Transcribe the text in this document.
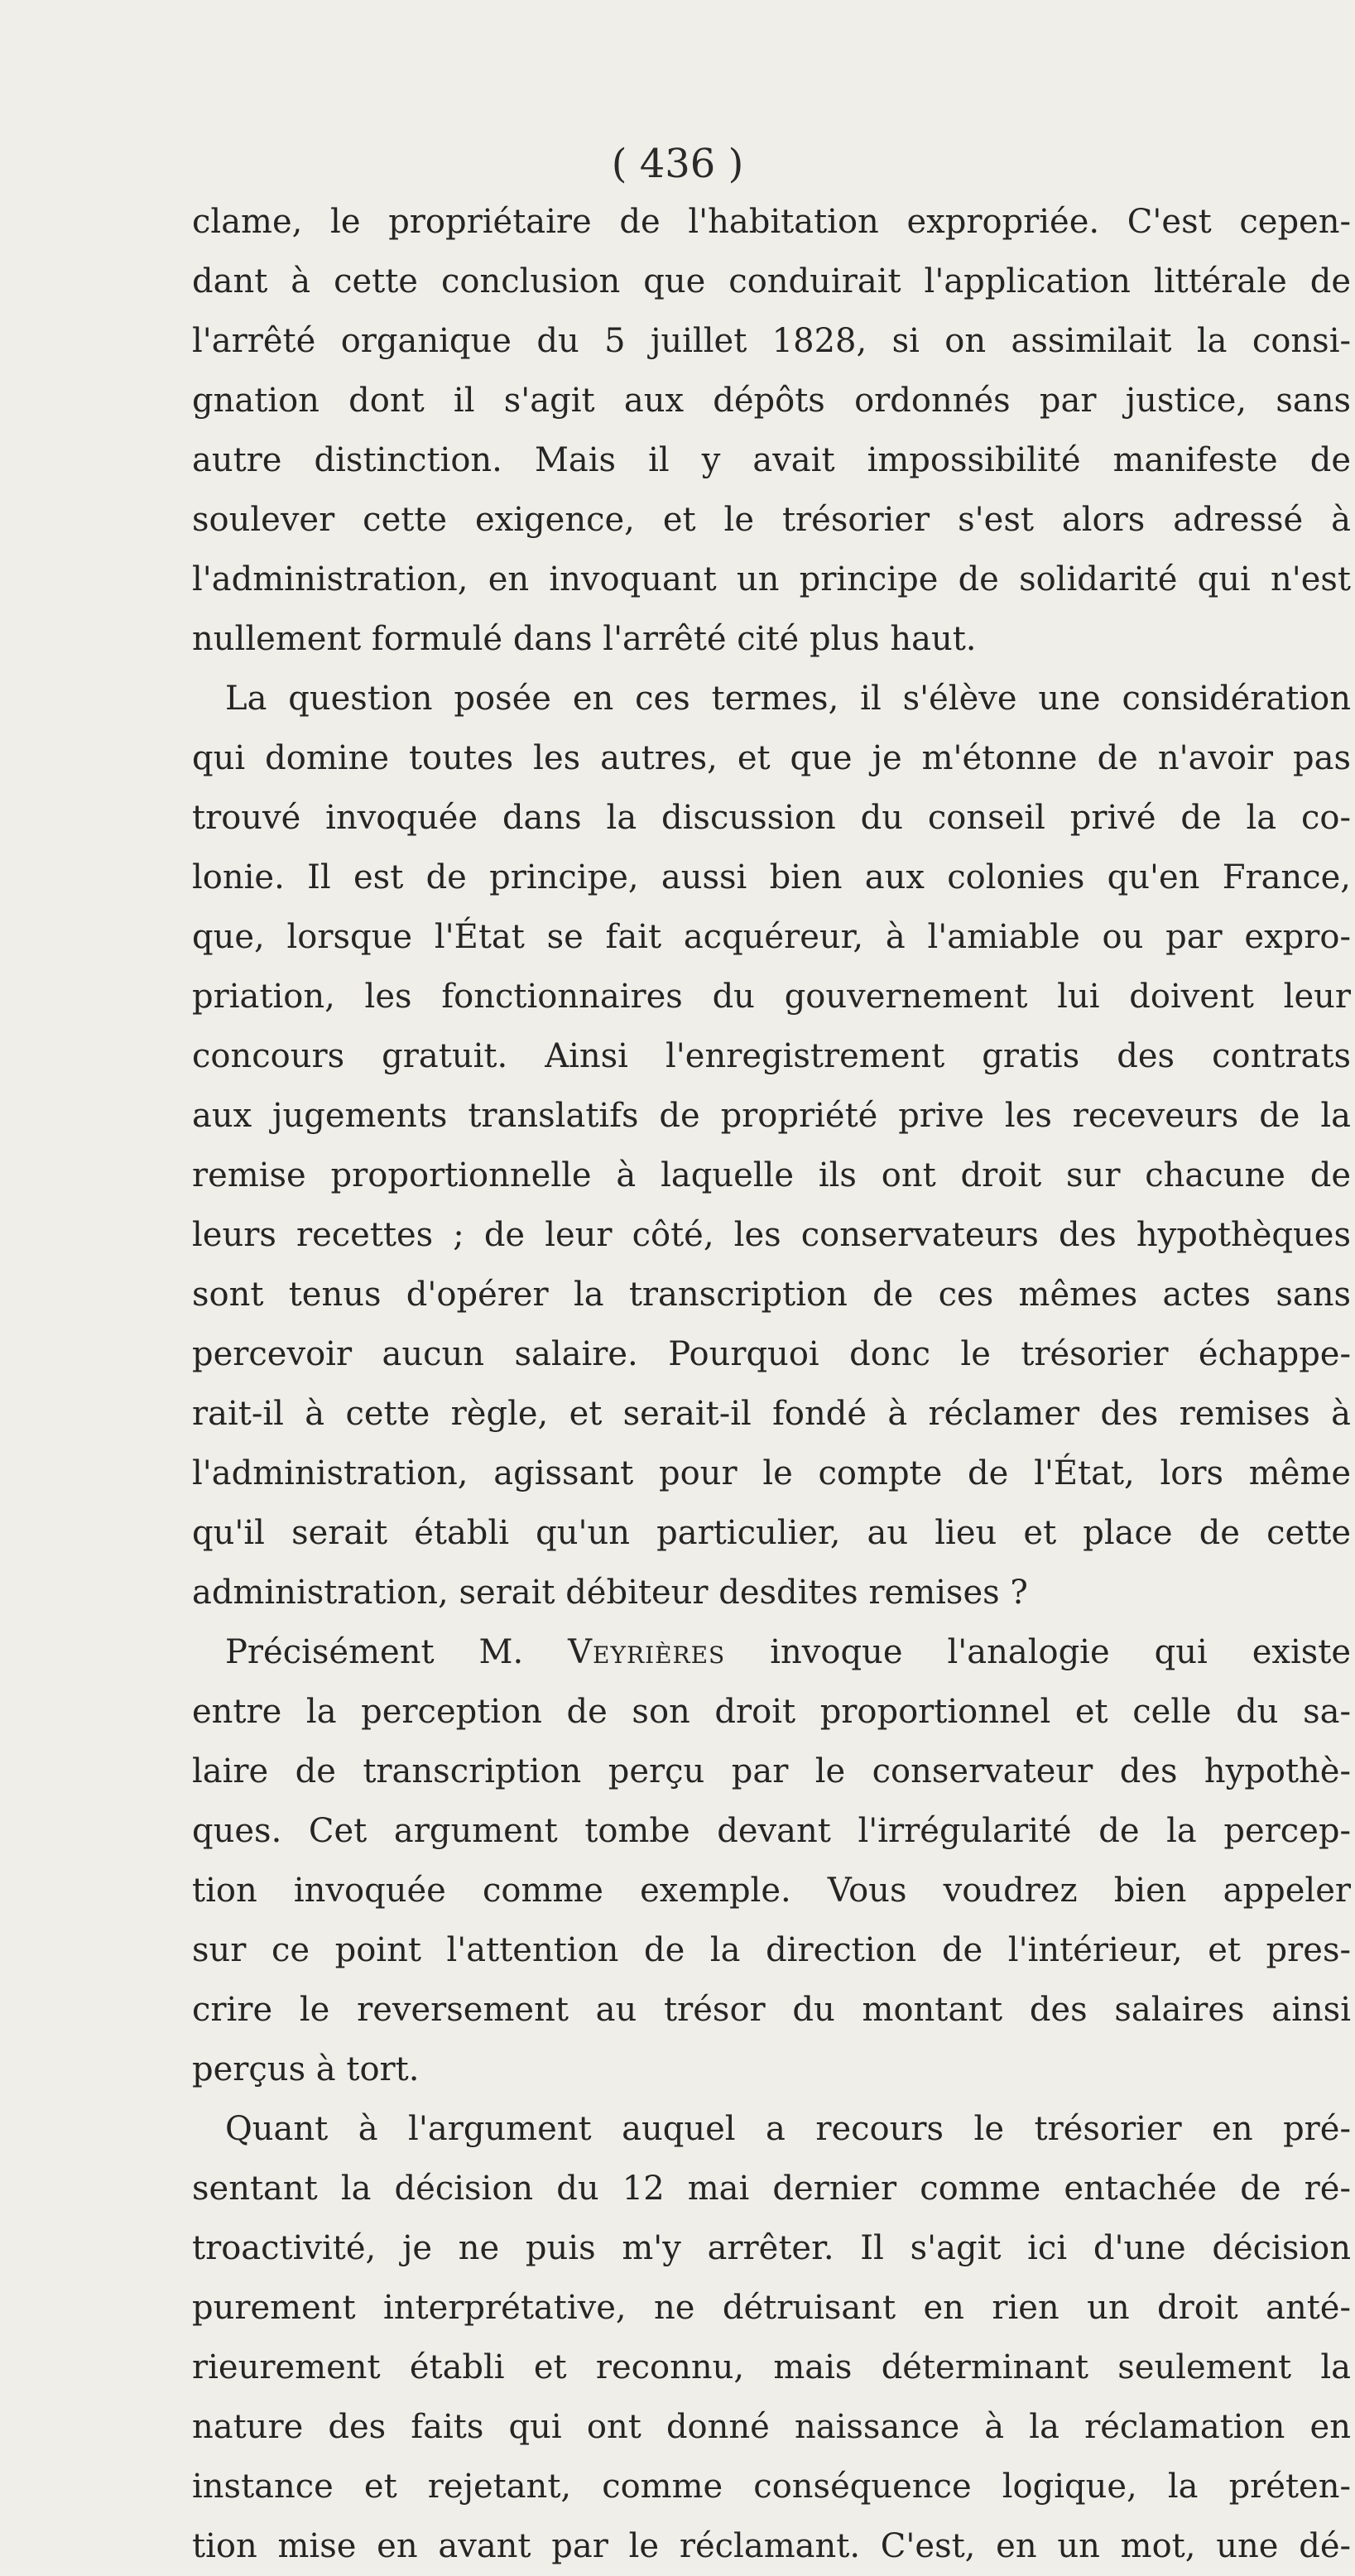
( 436 )
clame, le propriétaire de l'habitation expropriée. C'est cepen-
dant à cette conclusion que conduirait l'application littérale de
l'arrêté organique du 5 juillet 1828, si on assimilait la consi-
gnation dont il s'agit aux dépôts ordonnés par justice, sans
autre distinction. Mais il y avait impossibilité manifeste de
soulever cette exigence, et le trésorier s'est alors adressé à
l'administration, en invoquant un principe de solidarité qui n'est
nullement formulé dans l'arrêté cité plus haut.
La question posée en ces termes, il s'élève une considération
qui domine toutes les autres, et que je m'étonne de n'avoir pas
trouvé invoquée dans la discussion du conseil privé de la co-
lonie. Il est de principe, aussi bien aux colonies qu'en France,
que, lorsque l'État se fait acquéreur, à l'amiable ou par expro-
priation, les fonctionnaires du gouvernement lui doivent leur
concours gratuit. Ainsi l'enregistrement gratis des contrats
aux jugements translatifs de propriété prive les receveurs de la
remise proportionnelle à laquelle ils ont droit sur chacune de
leurs recettes ; de leur côté, les conservateurs des hypothèques
sont tenus d'opérer la transcription de ces mêmes actes sans
percevoir aucun salaire. Pourquoi donc le trésorier échappe-
rait-il à cette règle, et serait-il fondé à réclamer des remises à
l'administration, agissant pour le compte de l'État, lors même
qu'il serait établi qu'un particulier, au lieu et place de cette
administration, serait débiteur desdites remises ?
Précisément M. Veyrières invoque l'analogie qui existe
entre la perception de son droit proportionnel et celle du sa-
laire de transcription perçu par le conservateur des hypothè-
ques. Cet argument tombe devant l'irrégularité de la percep-
tion invoquée comme exemple. Vous voudrez bien appeler
sur ce point l'attention de la direction de l'intérieur, et pres-
crire le reversement au trésor du montant des salaires ainsi
perçus à tort.
Quant à l'argument auquel a recours le trésorier en pré-
sentant la décision du 12 mai dernier comme entachée de ré-
troactivité, je ne puis m'y arrêter. Il s'agit ici d'une décision
purement interprétative, ne détruisant en rien un droit anté-
rieurement établi et reconnu, mais déterminant seulement la
nature des faits qui ont donné naissance à la réclamation en
instance et rejetant, comme conséquence logique, la préten-
tion mise en avant par le réclamant. C'est, en un mot, une dé-
